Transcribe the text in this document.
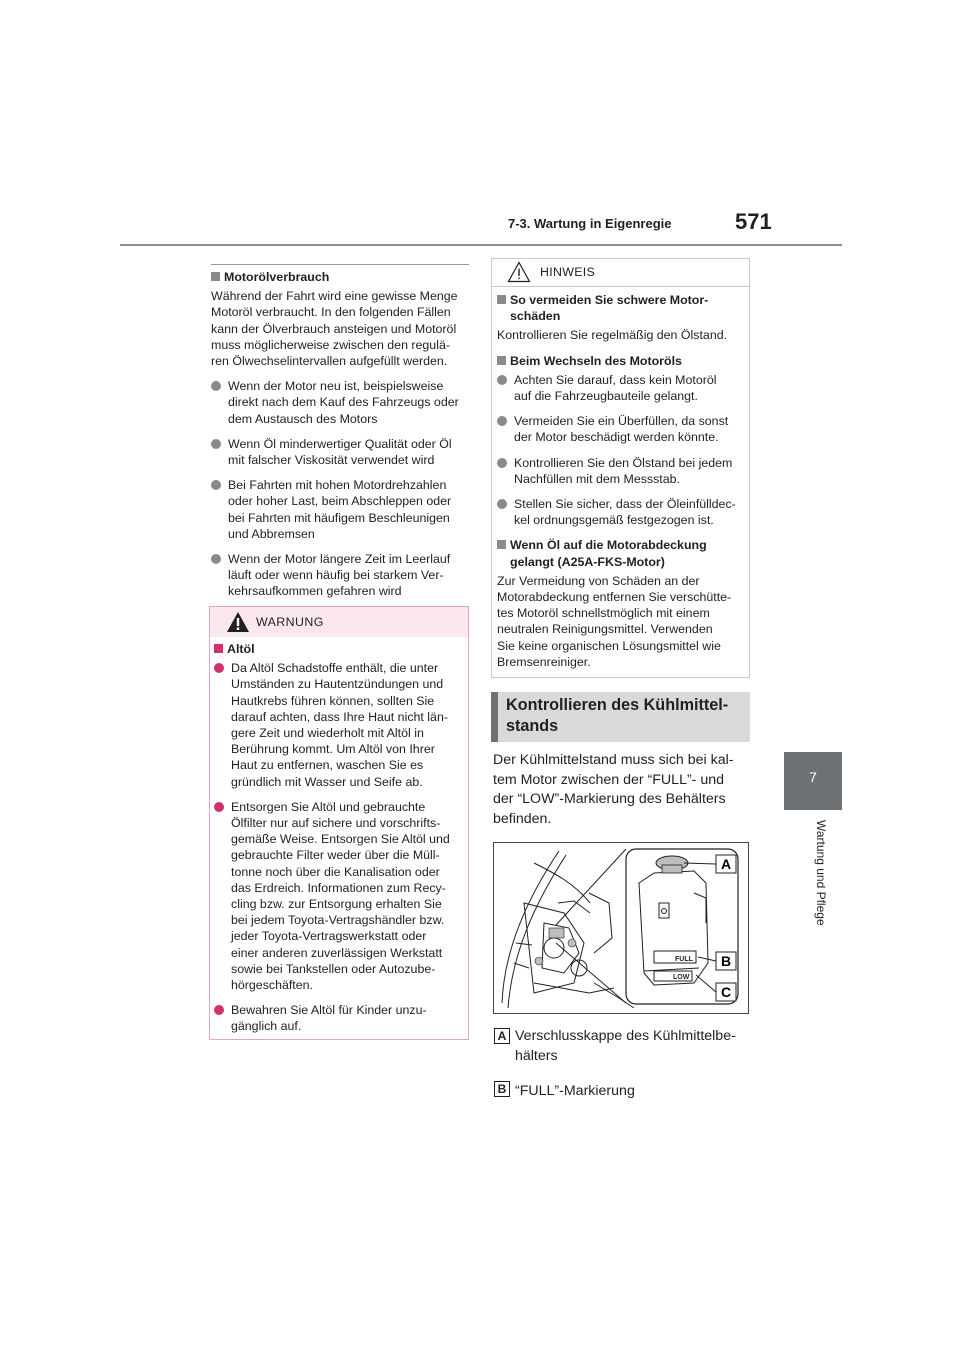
7-3. Wartung in Eigenregie	571
7
Wartung und Pflege
Motorölverbrauch
Während der Fahrt wird eine gewisse Menge
Motoröl verbraucht. In den folgenden Fällen
kann der Ölverbrauch ansteigen und Motoröl
muss möglicherweise zwischen den regulä-
ren Ölwechselintervallen aufgefüllt werden.
Wenn der Motor neu ist, beispielsweise
direkt nach dem Kauf des Fahrzeugs oder
dem Austausch des Motors
Wenn Öl minderwertiger Qualität oder Öl
mit falscher Viskosität verwendet wird
Bei Fahrten mit hohen Motordrehzahlen
oder hoher Last, beim Abschleppen oder
bei Fahrten mit häufigem Beschleunigen
und Abbremsen
Wenn der Motor längere Zeit im Leerlauf
läuft oder wenn häufig bei starkem Ver-
kehrsaufkommen gefahren wird
WARNUNG
Altöl
Da Altöl Schadstoffe enthält, die unter
Umständen zu Hautentzündungen und
Hautkrebs führen können, sollten Sie
darauf achten, dass Ihre Haut nicht län-
gere Zeit und wiederholt mit Altöl in
Berührung kommt. Um Altöl von Ihrer
Haut zu entfernen, waschen Sie es
gründlich mit Wasser und Seife ab.
Entsorgen Sie Altöl und gebrauchte
Ölfilter nur auf sichere und vorschrifts-
gemäße Weise. Entsorgen Sie Altöl und
gebrauchte Filter weder über die Müll-
tonne noch über die Kanalisation oder
das Erdreich. Informationen zum Recy-
cling bzw. zur Entsorgung erhalten Sie
bei jedem Toyota-Vertragshändler bzw.
jeder Toyota-Vertragswerkstatt oder
einer anderen zuverlässigen Werkstatt
sowie bei Tankstellen oder Autozube-
hörgeschäften.
Bewahren Sie Altöl für Kinder unzu-
gänglich auf.
HINWEIS
So vermeiden Sie schwere Motor-
schäden
Kontrollieren Sie regelmäßig den Ölstand.
Beim Wechseln des Motoröls
Achten Sie darauf, dass kein Motoröl
auf die Fahrzeugbauteile gelangt.
Vermeiden Sie ein Überfüllen, da sonst
der Motor beschädigt werden könnte.
Kontrollieren Sie den Ölstand bei jedem
Nachfüllen mit dem Messstab.
Stellen Sie sicher, dass der Öleinfülldec-
kel ordnungsgemäß festgezogen ist.
Wenn Öl auf die Motorabdeckung
gelangt (A25A-FKS-Motor)
Zur Vermeidung von Schäden an der
Motorabdeckung entfernen Sie verschütte-
tes Motoröl schnellstmöglich mit einem
neutralen Reinigungsmittel. Verwenden
Sie keine organischen Lösungsmittel wie
Bremsenreiniger.
Kontrollieren des Kühlmittel-
stands
Der Kühlmittelstand muss sich bei kal-
tem Motor zwischen der “FULL”- und
der “LOW”-Markierung des Behälters
befinden.
FULL
LOW
A
B
C
A Verschlusskappe des Kühlmittelbe-
hälters
B “FULL”-Markierung
